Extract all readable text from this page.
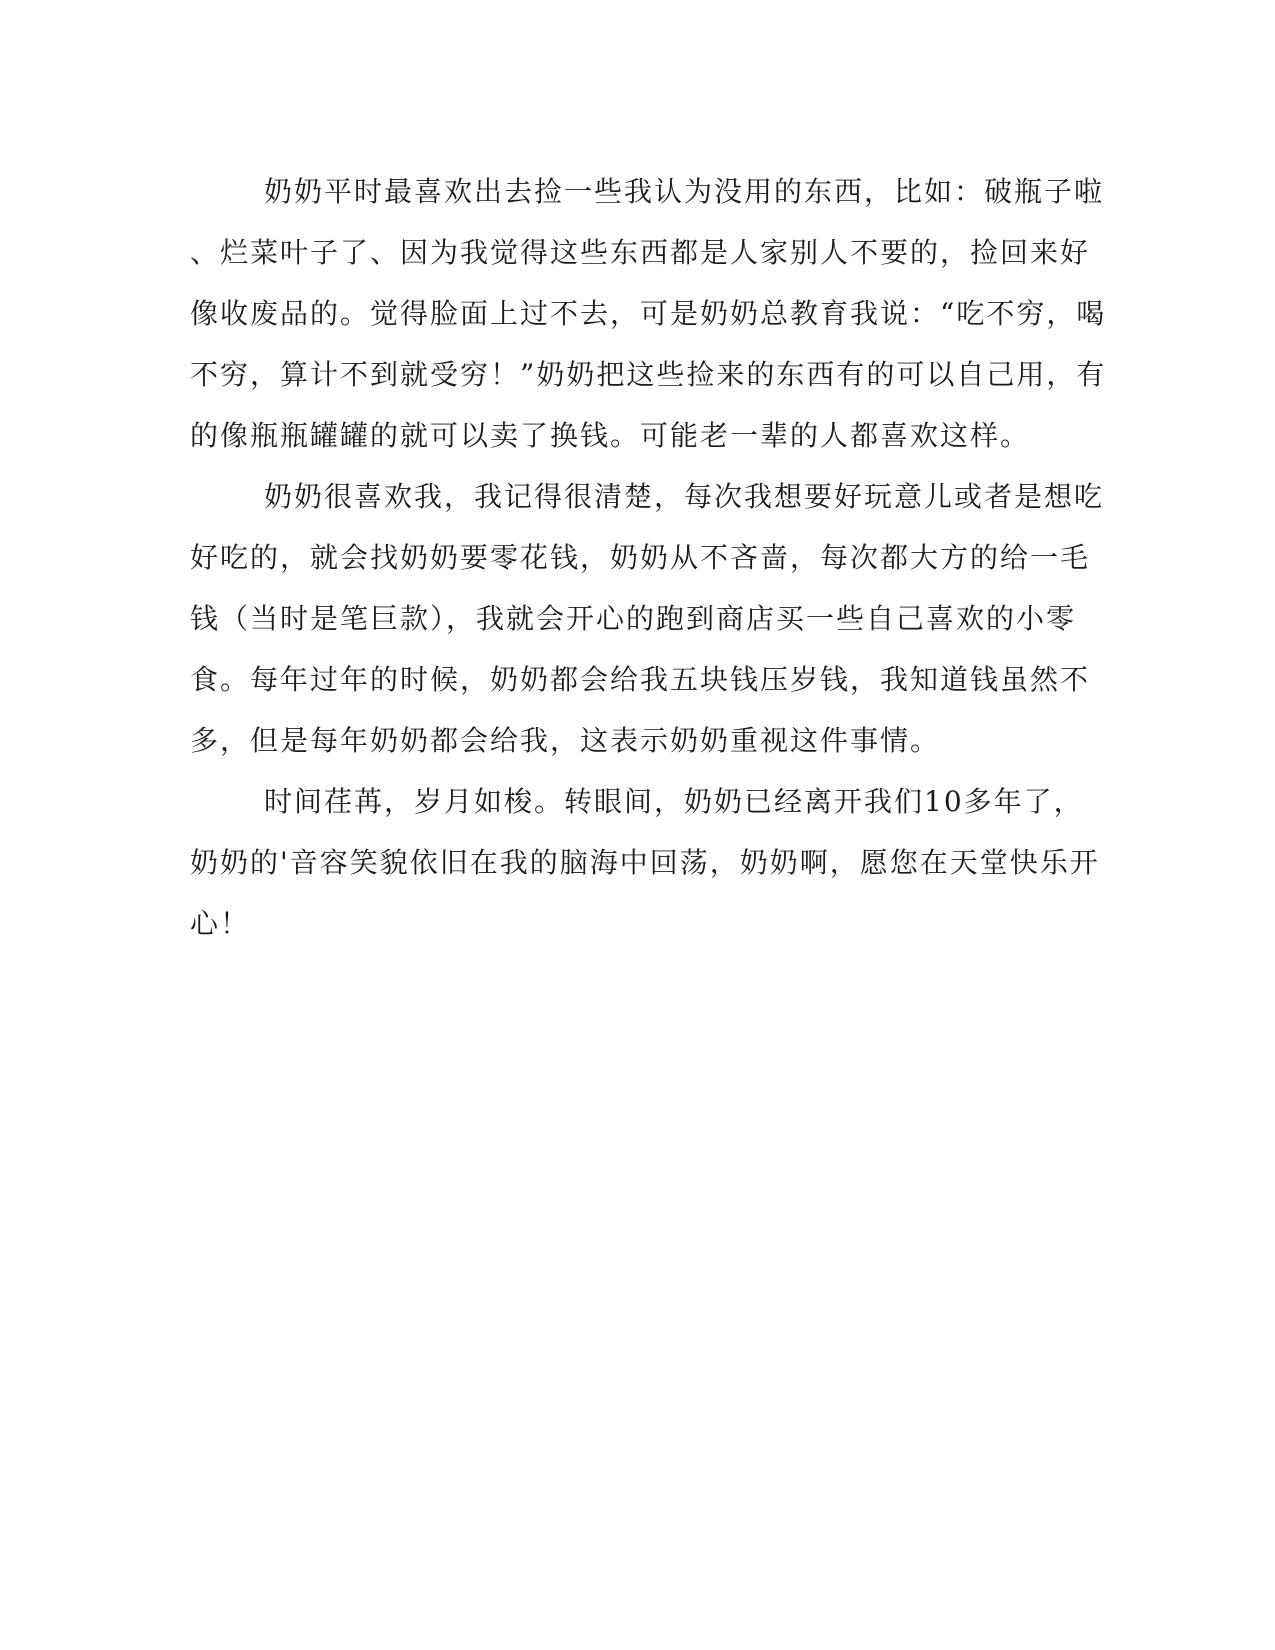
奶奶平时最喜欢出去捡一些我认为没用的东西，比如：破瓶子啦
、烂菜叶子了、因为我觉得这些东西都是人家别人不要的，捡回来好
像收废品的。觉得脸面上过不去，可是奶奶总教育我说：“吃不穷，喝
不穷，算计不到就受穷！”奶奶把这些捡来的东西有的可以自己用，有
的像瓶瓶罐罐的就可以卖了换钱。可能老一辈的人都喜欢这样。
奶奶很喜欢我，我记得很清楚，每次我想要好玩意儿或者是想吃
好吃的，就会找奶奶要零花钱，奶奶从不吝啬，每次都大方的给一毛
钱（当时是笔巨款），我就会开心的跑到商店买一些自己喜欢的小零
食。每年过年的时候，奶奶都会给我五块钱压岁钱，我知道钱虽然不
多，但是每年奶奶都会给我，这表示奶奶重视这件事情。
时间荏苒，岁月如梭。转眼间，奶奶已经离开我们10多年了，
奶奶的'音容笑貌依旧在我的脑海中回荡，奶奶啊，愿您在天堂快乐开
心！
